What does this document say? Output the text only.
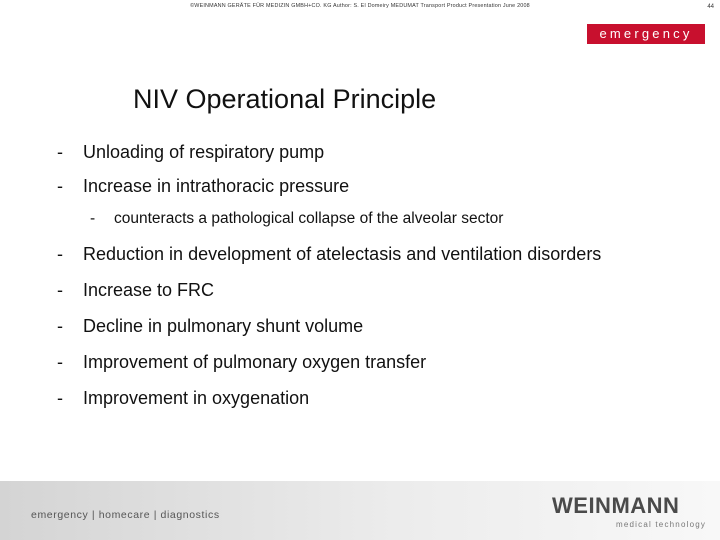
©WEINMANN GERÄTE FÜR MEDIZIN GMBH+CO. KG Author: S. El Domeiry MEDUMAT Transport Product Presentation June 2008	44
emergency
NIV Operational Principle
- Unloading of respiratory pump
- Increase in intrathoracic pressure
- counteracts a pathological collapse of the alveolar sector
- Reduction in development of atelectasis and ventilation disorders
- Increase to FRC
- Decline in pulmonary shunt volume
- Improvement of pulmonary oxygen transfer
- Improvement in oxygenation
emergency | homecare | diagnostics	WEINMANN
medical technology
